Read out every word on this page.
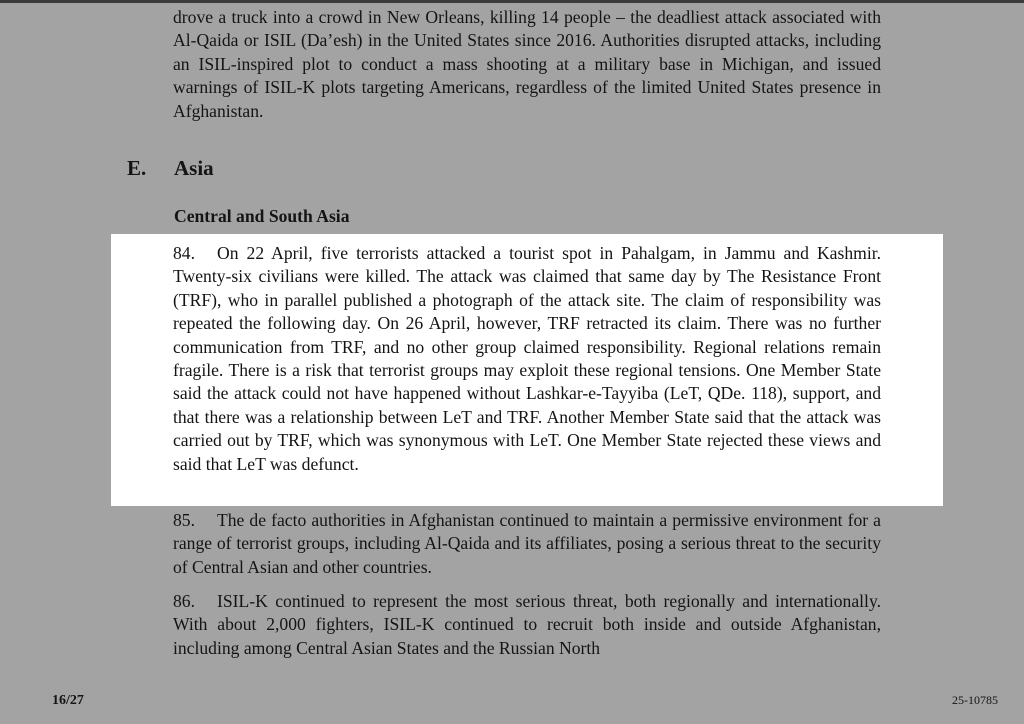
drove a truck into a crowd in New Orleans, killing 14 people – the deadliest attack associated with Al-Qaida or ISIL (Da’esh) in the United States since 2016. Authorities disrupted attacks, including an ISIL-inspired plot to conduct a mass shooting at a military base in Michigan, and issued warnings of ISIL-K plots targeting Americans, regardless of the limited United States presence in Afghanistan.

E. Asia
Central and South Asia

84. On 22 April, five terrorists attacked a tourist spot in Pahalgam, in Jammu and Kashmir. Twenty-six civilians were killed. The attack was claimed that same day by The Resistance Front (TRF), who in parallel published a photograph of the attack site. The claim of responsibility was repeated the following day. On 26 April, however, TRF retracted its claim. There was no further communication from TRF, and no other group claimed responsibility. Regional relations remain fragile. There is a risk that terrorist groups may exploit these regional tensions. One Member State said the attack could not have happened without Lashkar-e-Tayyiba (LeT, QDe. 118), support, and that there was a relationship between LeT and TRF. Another Member State said that the attack was carried out by TRF, which was synonymous with LeT. One Member State rejected these views and said that LeT was defunct.

85. The de facto authorities in Afghanistan continued to maintain a permissive environment for a range of terrorist groups, including Al-Qaida and its affiliates, posing a serious threat to the security of Central Asian and other countries.

86. ISIL-K continued to represent the most serious threat, both regionally and internationally. With about 2,000 fighters, ISIL-K continued to recruit both inside and outside Afghanistan, including among Central Asian States and the Russian North

16/27	25-10785
